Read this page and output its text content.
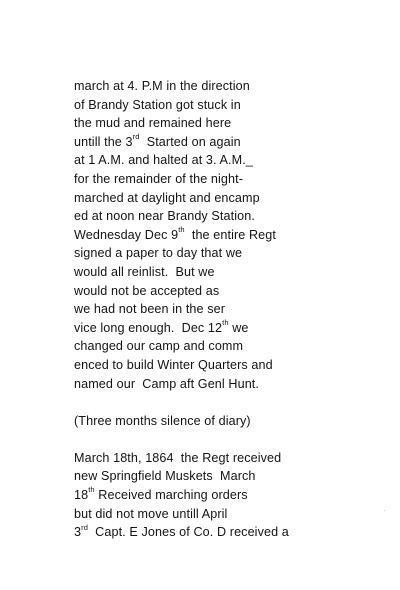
march at 4. P.M in the direction
of Brandy Station got stuck in
the mud and remained here
untill the 3rd  Started on again
at 1 A.M. and halted at 3. A.M._
for the remainder of the night-
marched at daylight and encamp
ed at noon near Brandy Station.
Wednesday Dec 9th  the entire Regt
signed a paper to day that we
would all reinlist.  But we
would not be accepted as
we had not been in the ser
vice long enough.  Dec 12th we
changed our camp and comm
enced to build Winter Quarters and
named our  Camp aft Genl Hunt.
(Three months silence of diary)
March 18th, 1864  the Regt received
new Springfield Muskets  March
18th Received marching orders
but did not move untill April
3rd  Capt. E Jones of Co. D received a
